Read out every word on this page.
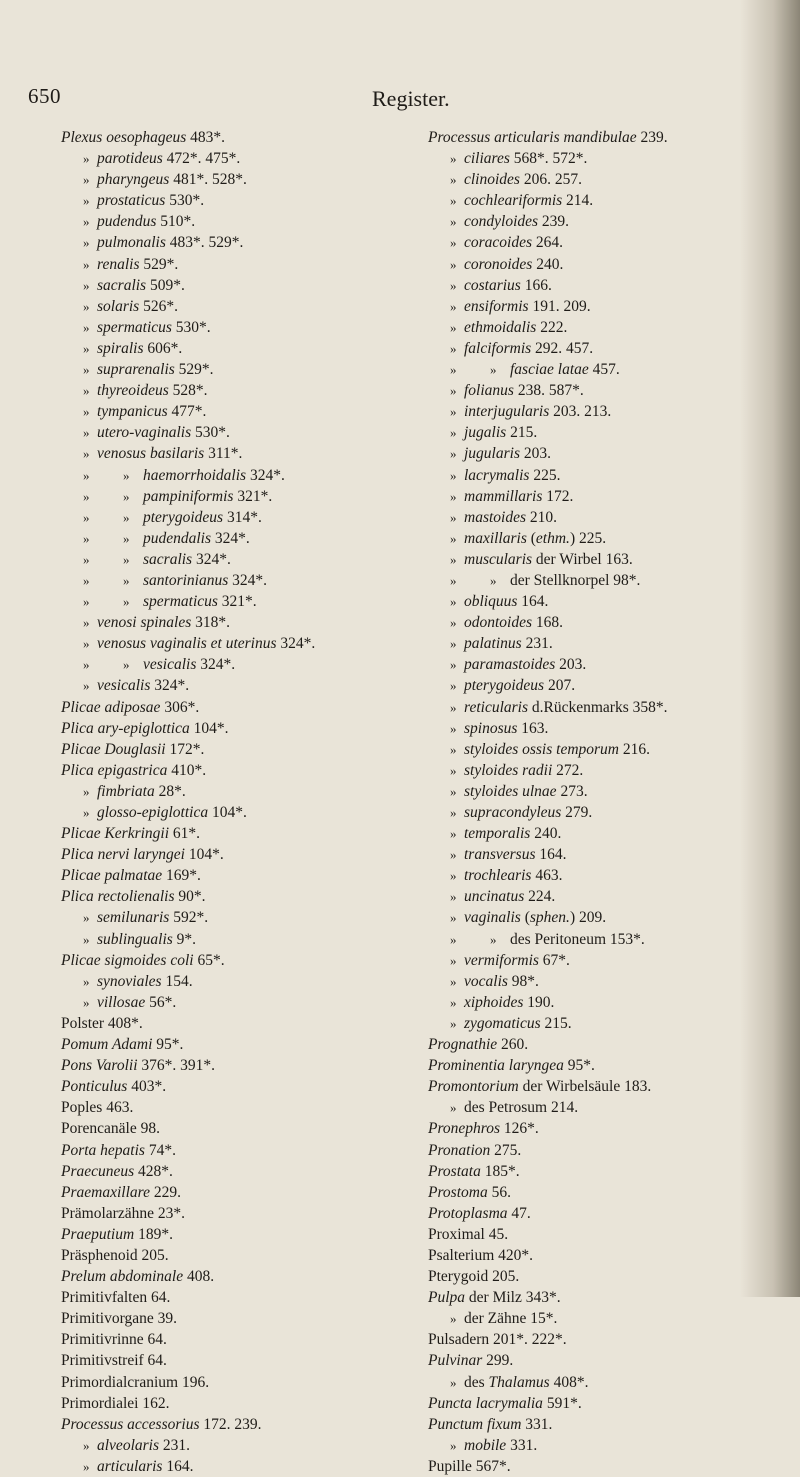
650	Register.
Plexus oesophageus 483*.
» parotideus 472*. 475*.
» pharyngeus 481*. 528*.
» prostaticus 530*.
» pudendus 510*.
» pulmonalis 483*. 529*.
» renalis 529*.
» sacralis 509*.
» solaris 526*.
» spermaticus 530*.
» spiralis 606*.
» suprarenalis 529*.
» thyreoideus 528*.
» tympanicus 477*.
» utero-vaginalis 530*.
» venosus basilaris 311*.
»	» haemorrhoidalis 324*.
»	» pampiniformis 321*.
»	» pterygoideus 314*.
»	» pudendalis 324*.
»	» sacralis 324*.
»	» santorinianus 324*.
»	» spermaticus 321*.
» venosi spinales 318*.
» venosus vaginalis et uterinus 324*.
»	» vesicalis 324*.
» vesicalis 324*.
Plicae adiposae 306*.
Plica ary-epiglottica 104*.
Plicae Douglasii 172*.
Plica epigastrica 410*.
» fimbriata 28*.
» glosso-epiglottica 104*.
Plicae Kerkringii 61*.
Plica nervi laryngei 104*.
Plicae palmatae 169*.
Plica rectolienalis 90*.
» semilunaris 592*.
» sublingualis 9*.
Plicae sigmoides coli 65*.
» synoviales 154.
» villosae 56*.
Polster 408*.
Pomum Adami 95*.
Pons Varolii 376*. 391*.
Ponticulus 403*.
Poples 463.
Porencanäle 98.
Porta hepatis 74*.
Praecuneus 428*.
Praemaxillare 229.
Prämolarzähne 23*.
Praeputium 189*.
Präsphenoid 205.
Prelum abdominale 408.
Primitivfalten 64.
Primitivorgane 39.
Primitivrinne 64.
Primitivstreif 64.
Primordialcranium 196.
Primordialei 162.
Processus accessorius 172. 239.
» alveolaris 231.
» articularis 164.
Processus articularis mandibulae 239.
» ciliares 568*. 572*.
» clinoides 206. 257.
» cochleariformis 214.
» condyloides 239.
» coracoides 264.
» coronoides 240.
» costarius 166.
» ensiformis 191. 209.
» ethmoidalis 222.
» falciformis 292. 457.
»	» fasciae latae 457.
» folianus 238. 587*.
» interjugularis 203. 213.
» jugalis 215.
» jugularis 203.
» lacrymalis 225.
» mammillaris 172.
» mastoides 210.
» maxillaris (ethm.) 225.
» muscularis der Wirbel 163.
»	» der Stellknorpel 98*.
» obliquus 164.
» odontoides 168.
» palatinus 231.
» paramastoides 203.
» pterygoideus 207.
» reticularis d.Rückenmarks 358*.
» spinosus 163.
» styloides ossis temporum 216.
» styloides radii 272.
» styloides ulnae 273.
» supracondyleus 279.
» temporalis 240.
» transversus 164.
» trochlearis 463.
» uncinatus 224.
» vaginalis (sphen.) 209.
»	» des Peritoneum 153*.
» vermiformis 67*.
» vocalis 98*.
» xiphoides 190.
» zygomaticus 215.
Prognathie 260.
Prominentia laryngea 95*.
Promontorium der Wirbelsäule 183.
» des Petrosum 214.
Pronephros 126*.
Pronation 275.
Prostata 185*.
Prostoma 56.
Protoplasma 47.
Proximal 45.
Psalterium 420*.
Pterygoid 205.
Pulpa der Milz 343*.
» der Zähne 15*.
Pulsadern 201*. 222*.
Pulvinar 299.
» des Thalamus 408*.
Puncta lacrymalia 591*.
Punctum fixum 331.
» mobile 331.
Pupille 567*.
